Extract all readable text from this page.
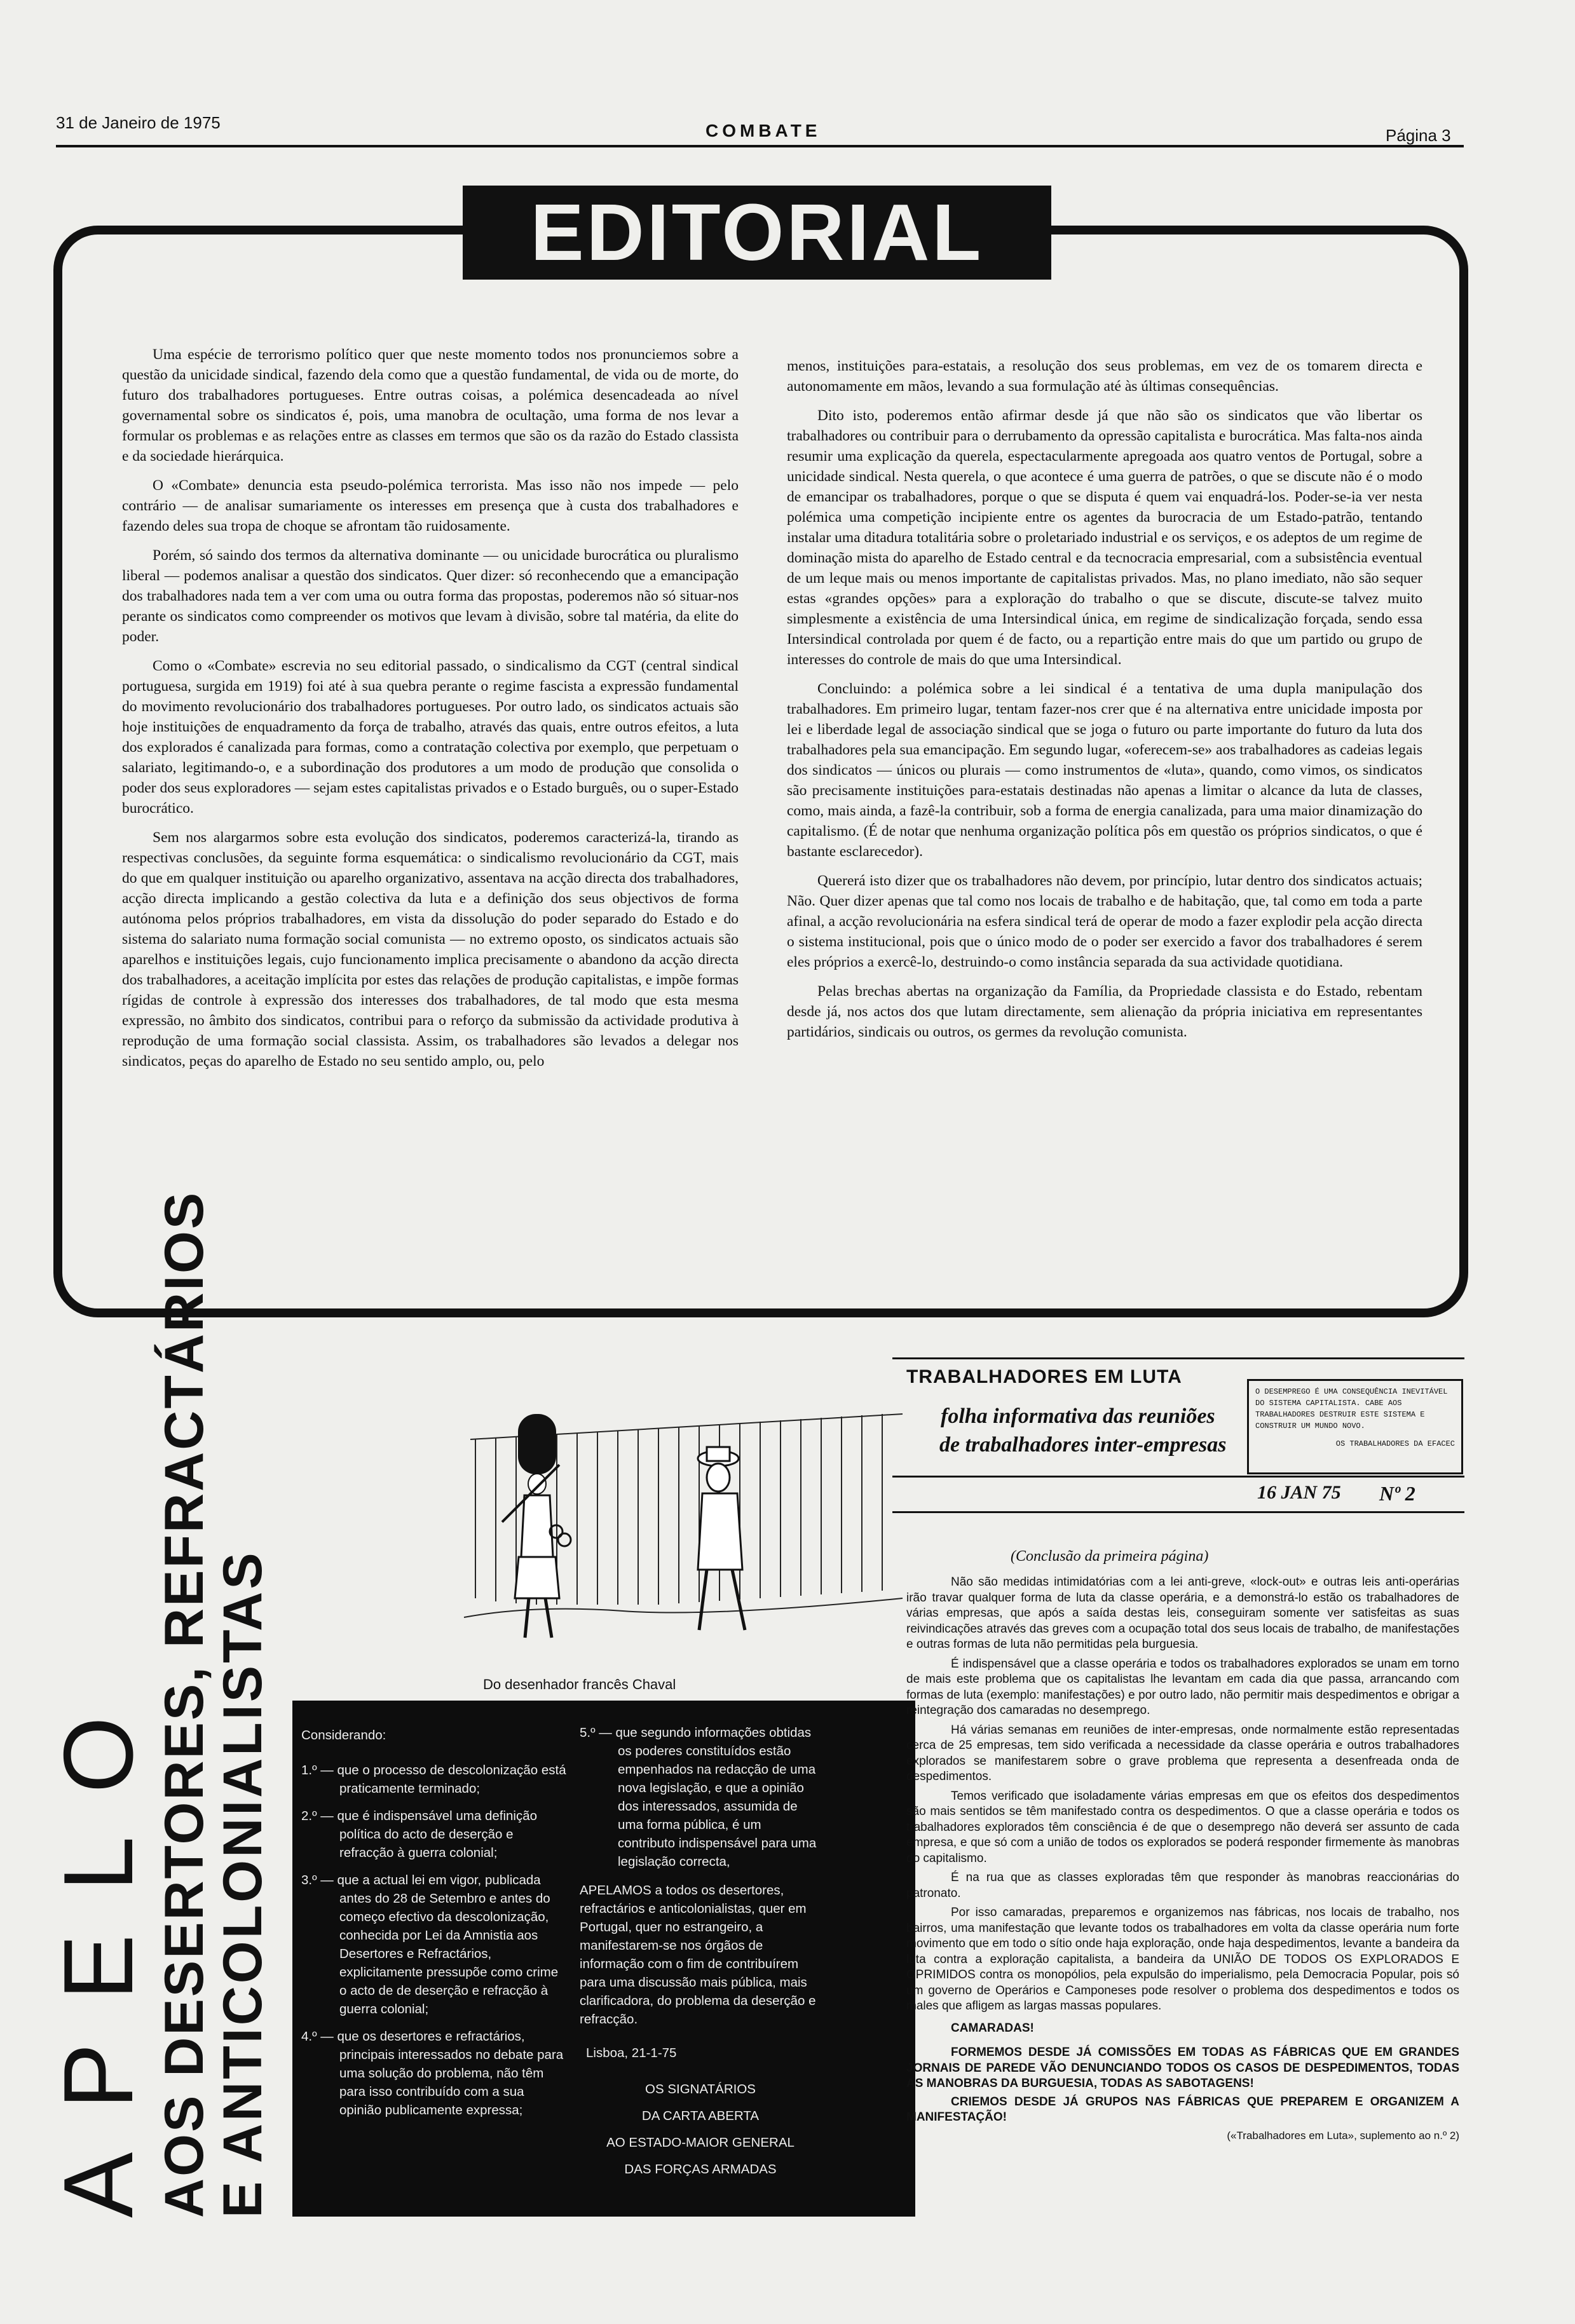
31 de Janeiro de 1975	COMBATE	Página 3
EDITORIAL

Uma espécie de terrorismo político quer que neste momento todos nos pronunciemos sobre a questão da unicidade sindical, fazendo dela como que a questão fundamental, de vida ou de morte, do futuro dos trabalhadores portugueses. Entre outras coisas, a polémica desencadeada ao nível governamental sobre os sindicatos é, pois, uma manobra de ocultação, uma forma de nos levar a formular os problemas e as relações entre as classes em termos que são os da razão do Estado classista e da sociedade hierárquica.

O «Combate» denuncia esta pseudo-polémica terrorista. Mas isso não nos impede — pelo contrário — de analisar sumariamente os interesses em presença que à custa dos trabalhadores e fazendo deles sua tropa de choque se afrontam tão ruidosamente.

Porém, só saindo dos termos da alternativa dominante — ou unicidade burocrática ou pluralismo liberal — podemos analisar a questão dos sindicatos. Quer dizer: só reconhecendo que a emancipação dos trabalhadores nada tem a ver com uma ou outra forma das propostas, poderemos não só situar-nos perante os sindicatos como compreender os motivos que levam à divisão, sobre tal matéria, da elite do poder.

Como o «Combate» escrevia no seu editorial passado, o sindicalismo da CGT (central sindical portuguesa, surgida em 1919) foi até à sua quebra perante o regime fascista a expressão fundamental do movimento revolucionário dos trabalhadores portugueses. Por outro lado, os sindicatos actuais são hoje instituições de enquadramento da força de trabalho, através das quais, entre outros efeitos, a luta dos explorados é canalizada para formas, como a contratação colectiva por exemplo, que perpetuam o salariato, legitimando-o, e a subordinação dos produtores a um modo de produção que consolida o poder dos seus exploradores — sejam estes capitalistas privados e o Estado burguês, ou o super-Estado burocrático.

Sem nos alargarmos sobre esta evolução dos sindicatos, poderemos caracterizá-la, tirando as respectivas conclusões, da seguinte forma esquemática: o sindicalismo revolucionário da CGT, mais do que em qualquer instituição ou aparelho organizativo, assentava na acção directa dos trabalhadores, acção directa implicando a gestão colectiva da luta e a definição dos seus objectivos de forma autónoma pelos próprios trabalhadores, em vista da dissolução do poder separado do Estado e do sistema do salariato numa formação social comunista — no extremo oposto, os sindicatos actuais são aparelhos e instituições legais, cujo funcionamento implica precisamente o abandono da acção directa dos trabalhadores, a aceitação implícita por estes das relações de produção capitalistas, e impõe formas rígidas de controle à expressão dos interesses dos trabalhadores, de tal modo que esta mesma expressão, no âmbito dos sindicatos, contribui para o reforço da submissão da actividade produtiva à reprodução de uma formação social classista. Assim, os trabalhadores são levados a delegar nos sindicatos, peças do aparelho de Estado no seu sentido amplo, ou, pelo

menos, instituições para-estatais, a resolução dos seus problemas, em vez de os tomarem directa e autonomamente em mãos, levando a sua formulação até às últimas consequências.

Dito isto, poderemos então afirmar desde já que não são os sindicatos que vão libertar os trabalhadores ou contribuir para o derrubamento da opressão capitalista e burocrática. Mas falta-nos ainda resumir uma explicação da querela, espectacularmente apregoada aos quatro ventos de Portugal, sobre a unicidade sindical. Nesta querela, o que acontece é uma guerra de patrões, o que se discute não é o modo de emancipar os trabalhadores, porque o que se disputa é quem vai enquadrá-los. Poder-se-ia ver nesta polémica uma competição incipiente entre os agentes da burocracia de um Estado-patrão, tentando instalar uma ditadura totalitária sobre o proletariado industrial e os serviços, e os adeptos de um regime de dominação mista do aparelho de Estado central e da tecnocracia empresarial, com a subsistência eventual de um leque mais ou menos importante de capitalistas privados. Mas, no plano imediato, não são sequer estas «grandes opções» para a exploração do trabalho o que se discute, discute-se talvez muito simplesmente a existência de uma Intersindical única, em regime de sindicalização forçada, sendo essa Intersindical controlada por quem é de facto, ou a repartição entre mais do que um partido ou grupo de interesses do controle de mais do que uma Intersindical.

Concluindo: a polémica sobre a lei sindical é a tentativa de uma dupla manipulação dos trabalhadores. Em primeiro lugar, tentam fazer-nos crer que é na alternativa entre unicidade imposta por lei e liberdade legal de associação sindical que se joga o futuro ou parte importante do futuro da luta dos trabalhadores pela sua emancipação. Em segundo lugar, «oferecem-se» aos trabalhadores as cadeias legais dos sindicatos — únicos ou plurais — como instrumentos de «luta», quando, como vimos, os sindicatos são precisamente instituições para-estatais destinadas não apenas a limitar o alcance da luta de classes, como, mais ainda, a fazê-la contribuir, sob a forma de energia canalizada, para uma maior dinamização do capitalismo. (É de notar que nenhuma organização política pôs em questão os próprios sindicatos, o que é bastante esclarecedor).

Quererá isto dizer que os trabalhadores não devem, por princípio, lutar dentro dos sindicatos actuais; Não. Quer dizer apenas que tal como nos locais de trabalho e de habitação, que, tal como em toda a parte afinal, a acção revolucionária na esfera sindical terá de operar de modo a fazer explodir pela acção directa o sistema institucional, pois que o único modo de o poder ser exercido a favor dos trabalhadores é serem eles próprios a exercê-lo, destruindo-o como instância separada da sua actividade quotidiana.

Pelas brechas abertas na organização da Família, da Propriedade classista e do Estado, rebentam desde já, nos actos dos que lutam directamente, sem alienação da própria iniciativa em representantes partidários, sindicais ou outros, os germes da revolução comunista.

APELO AOS DESERTORES, REFRACTÁRIOS
E ANTICOLONIALISTAS	Do desenhador francês Chaval
Considerando:
1.º — que o processo de descolonização está praticamente terminado;
2.º — que é indispensável uma definição política do acto de deserção e refracção à guerra colonial;
3.º — que a actual lei em vigor, publicada antes do 28 de Setembro e antes do começo efectivo da descolonização, conhecida por Lei da Amnistia aos Desertores e Refractários, explicitamente pressupõe como crime o acto de de deserção e refracção à guerra colonial;
4.º — que os desertores e refractários, principais interessados no debate para uma solução do problema, não têm para isso contribuído com a sua opinião publicamente expressa;
5.º — que segundo informações obtidas os poderes constituídos estão empenhados na redacção de uma nova legislação, e que a opinião dos interessados, assumida de uma forma pública, é um contributo indispensável para uma legislação correcta,
APELAMOS a todos os desertores, refractários e anticolonialistas, quer em Portugal, quer no estrangeiro, a manifestarem-se nos órgãos de informação com o fim de contribuírem para uma discussão mais pública, mais clarificadora, do problema da deserção e refracção.
Lisboa, 21-1-75
OS SIGNATÁRIOS
DA CARTA ABERTA
AO ESTADO-MAIOR GENERAL
DAS FORÇAS ARMADAS
TRABALHADORES EM LUTA
folha informativa das reuniões
de trabalhadores inter-empresas
O DESEMPREGO É UMA CONSEQUÊNCIA INEVITÁVEL DO SISTEMA CAPITALISTA. CABE AOS TRABALHADORES DESTRUIR ESTE SISTEMA E CONSTRUIR UM MUNDO NOVO.
OS TRABALHADORES DA EFACEC
16 JAN 75 Nº 2
(Conclusão da primeira página)

Não são medidas intimidatórias com a lei anti-greve, «lock-out» e outras leis anti-operárias irão travar qualquer forma de luta da classe operária, e a demonstrá-lo estão os trabalhadores de várias empresas, que após a saída destas leis, conseguiram somente ver satisfeitas as suas reivindicações através das greves com a ocupação total dos seus locais de trabalho, de manifestações e outras formas de luta não permitidas pela burguesia.

É indispensável que a classe operária e todos os trabalhadores explorados se unam em torno de mais este problema que os capitalistas lhe levantam em cada dia que passa, arrancando com formas de luta (exemplo: manifestações) e por outro lado, não permitir mais despedimentos e obrigar a reintegração dos camaradas no desemprego.

Há várias semanas em reuniões de inter-empresas, onde normalmente estão representadas cerca de 25 empresas, tem sido verificada a necessidade da classe operária e outros trabalhadores explorados se manifestarem sobre o grave problema que representa a desenfreada onda de despedimentos.

Temos verificado que isoladamente várias empresas em que os efeitos dos despedimentos são mais sentidos se têm manifestado contra os despedimentos. O que a classe operária e todos os trabalhadores explorados têm consciência é de que o desemprego não deverá ser assunto de cada empresa, e que só com a união de todos os explorados se poderá responder firmemente às manobras do capitalismo.

É na rua que as classes exploradas têm que responder às manobras reaccionárias do patronato.

Por isso camaradas, preparemos e organizemos nas fábricas, nos locais de trabalho, nos bairros, uma manifestação que levante todos os trabalhadores em volta da classe operária num forte movimento que em todo o sítio onde haja exploração, onde haja despedimentos, levante a bandeira da luta contra a exploração capitalista, a bandeira da UNIÃO DE TODOS OS EXPLORADOS E OPRIMIDOS contra os monopólios, pela expulsão do imperialismo, pela Democracia Popular, pois só um governo de Operários e Camponeses pode resolver o problema dos despedimentos e todos os males que afligem as largas massas populares.

CAMARADAS!

FORMEMOS DESDE JÁ COMISSÕES EM TODAS AS FÁBRICAS QUE EM GRANDES JORNAIS DE PAREDE VÃO DENUNCIANDO TODOS OS CASOS DE DESPEDIMENTOS, TODAS AS MANOBRAS DA BURGUESIA, TODAS AS SABOTAGENS!

CRIEMOS DESDE JÁ GRUPOS NAS FÁBRICAS QUE PREPAREM E ORGANIZEM A MANIFESTAÇÃO!

(«Trabalhadores em Luta», suplemento ao n.º 2)
